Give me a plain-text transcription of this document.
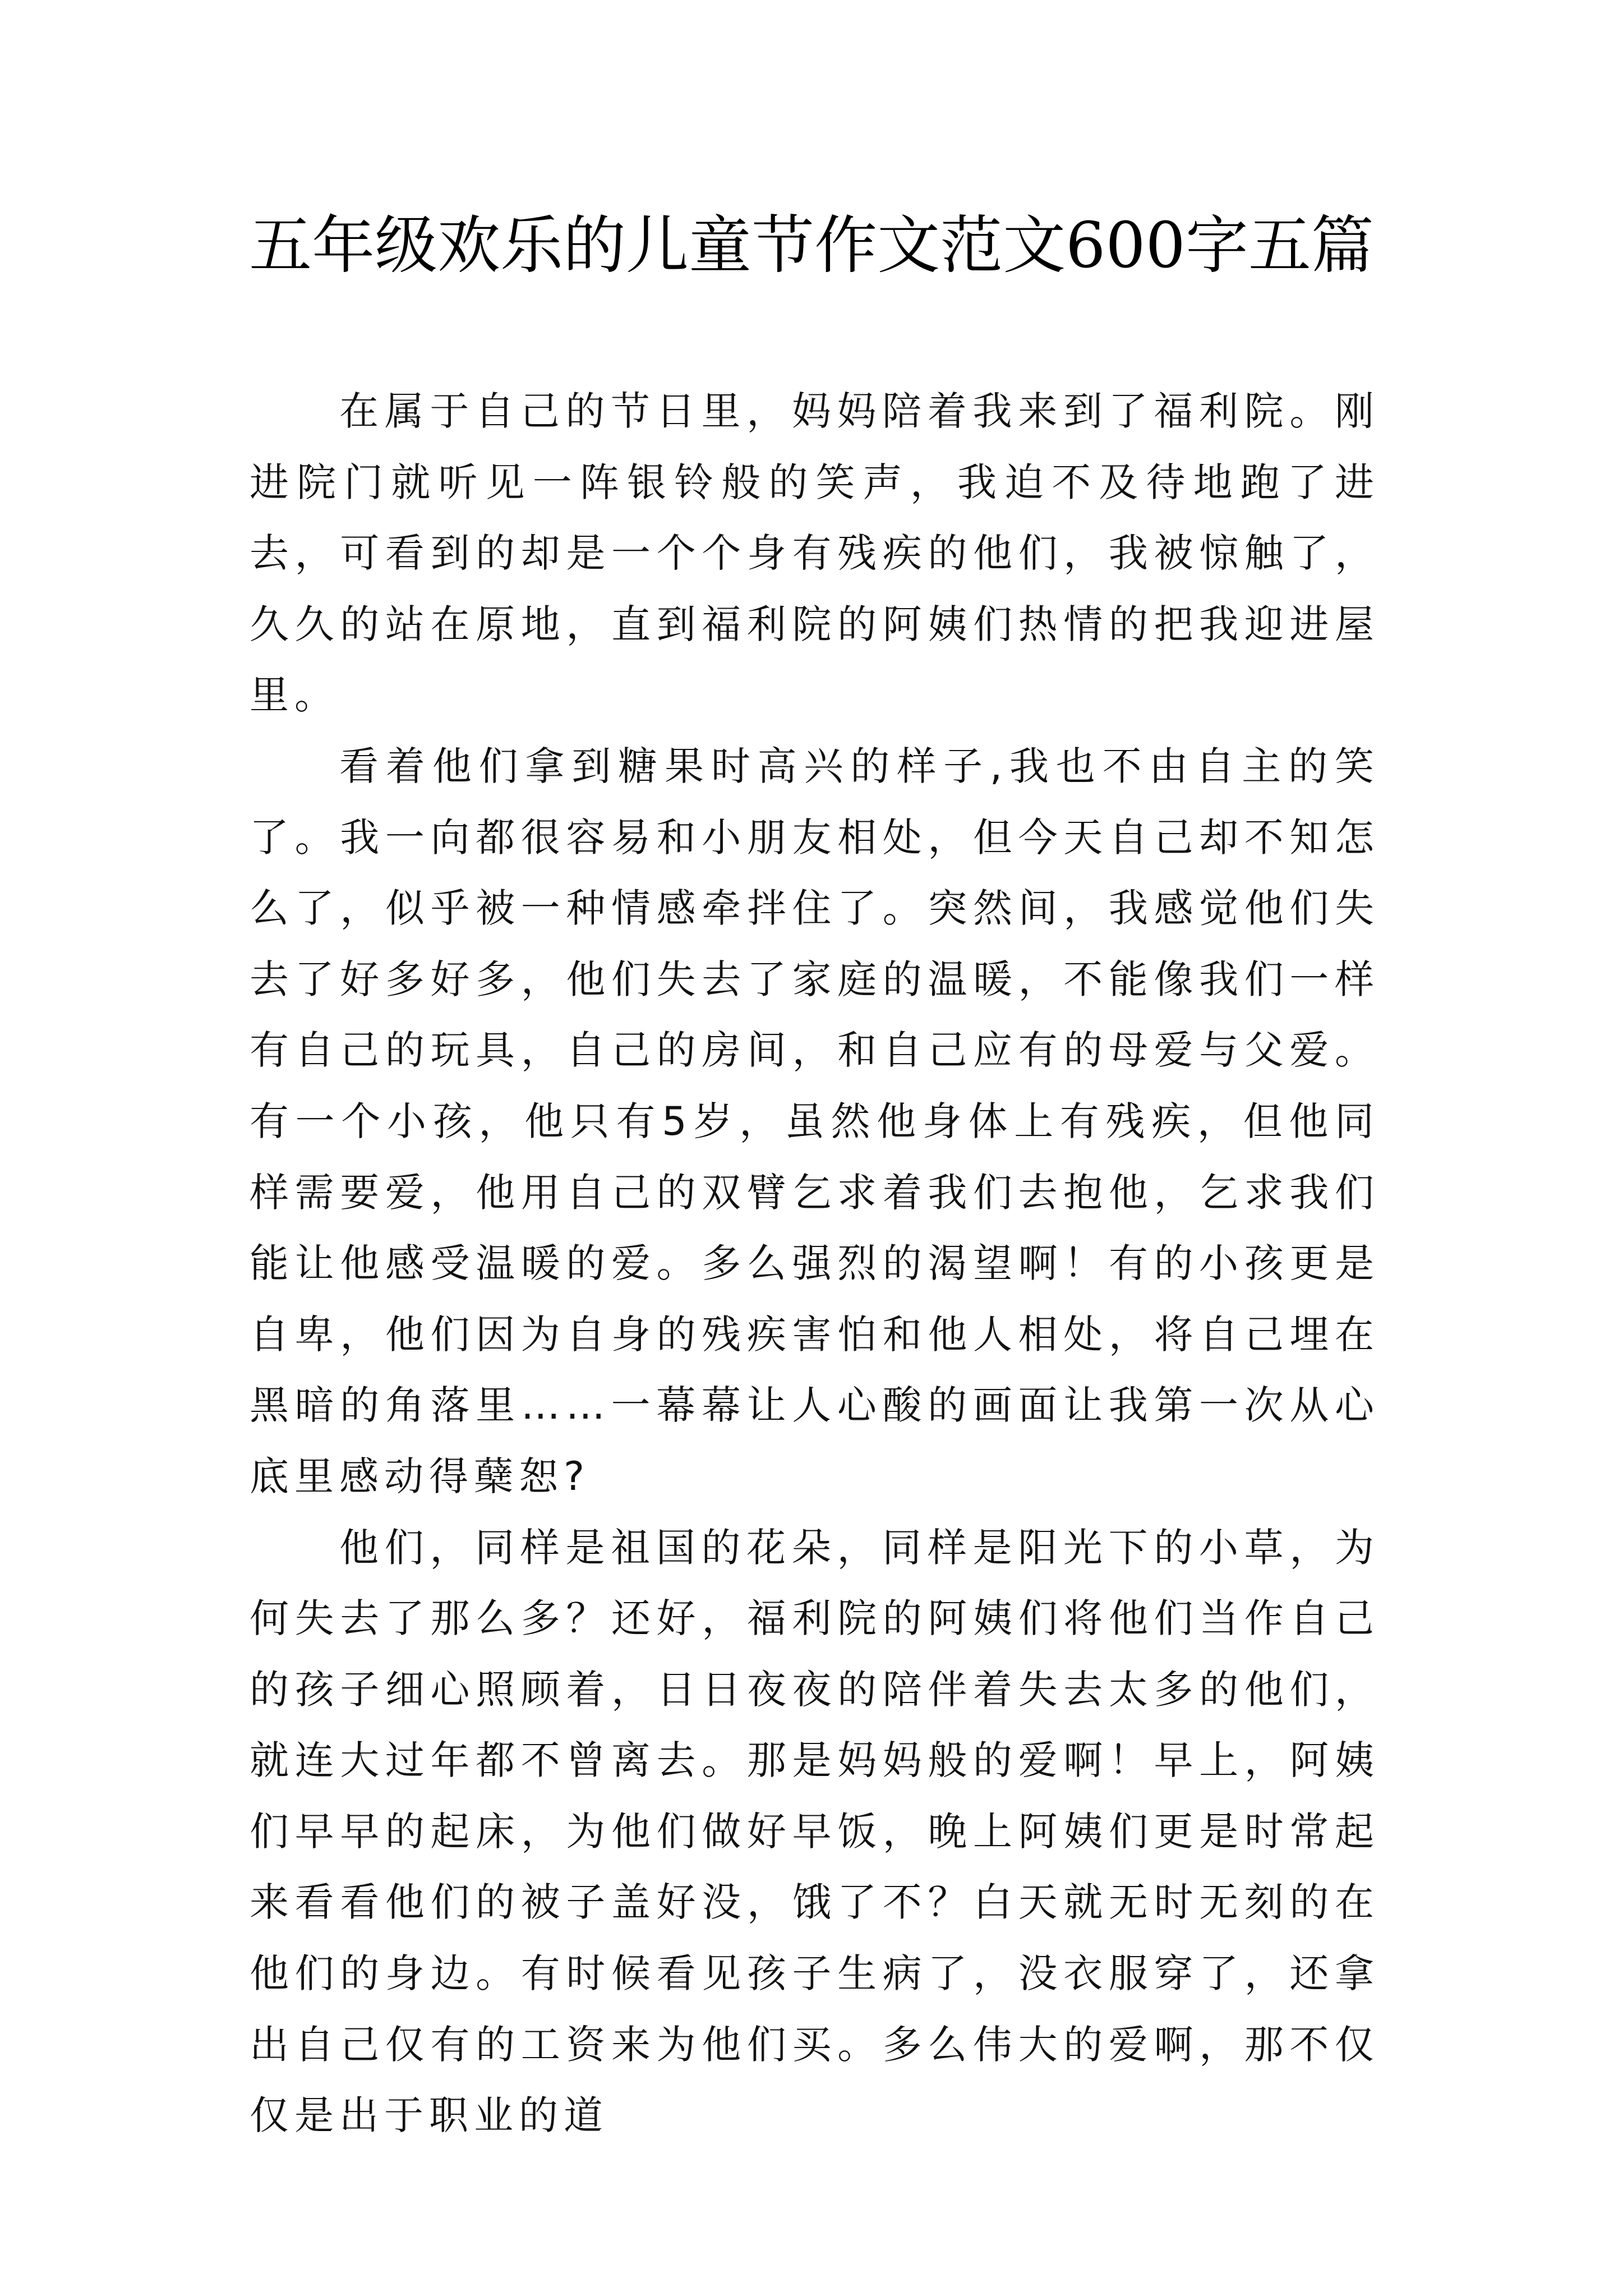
五年级欢乐的儿童节作文范文600字五篇

在属于自己的节日里，妈妈陪着我来到了福利院。刚进院门就听见一阵银铃般的笑声，我迫不及待地跑了进去，可看到的却是一个个身有残疾的他们，我被惊触了，久久的站在原地，直到福利院的阿姨们热情的把我迎进屋里。

看着他们拿到糖果时高兴的样子,我也不由自主的笑了。我一向都很容易和小朋友相处，但今天自己却不知怎么了，似乎被一种情感牵拌住了。突然间，我感觉他们失去了好多好多，他们失去了家庭的温暖，不能像我们一样有自己的玩具，自己的房间，和自己应有的母爱与父爱。有一个小孩，他只有5岁，虽然他身体上有残疾，但他同样需要爱，他用自己的双臂乞求着我们去抱他，乞求我们能让他感受温暖的爱。多么强烈的渴望啊！有的小孩更是自卑，他们因为自身的残疾害怕和他人相处，将自己埋在黑暗的角落里……一幕幕让人心酸的画面让我第一次从心底里感动得蘖恕?

他们，同样是祖国的花朵，同样是阳光下的小草，为何失去了那么多？还好，福利院的阿姨们将他们当作自己的孩子细心照顾着，日日夜夜的陪伴着失去太多的他们，就连大过年都不曾离去。那是妈妈般的爱啊！早上，阿姨们早早的起床，为他们做好早饭，晚上阿姨们更是时常起来看看他们的被子盖好没，饿了不？白天就无时无刻的在他们的身边。有时候看见孩子生病了，没衣服穿了，还拿出自己仅有的工资来为他们买。多么伟大的爱啊，那不仅仅是出于职业的道
